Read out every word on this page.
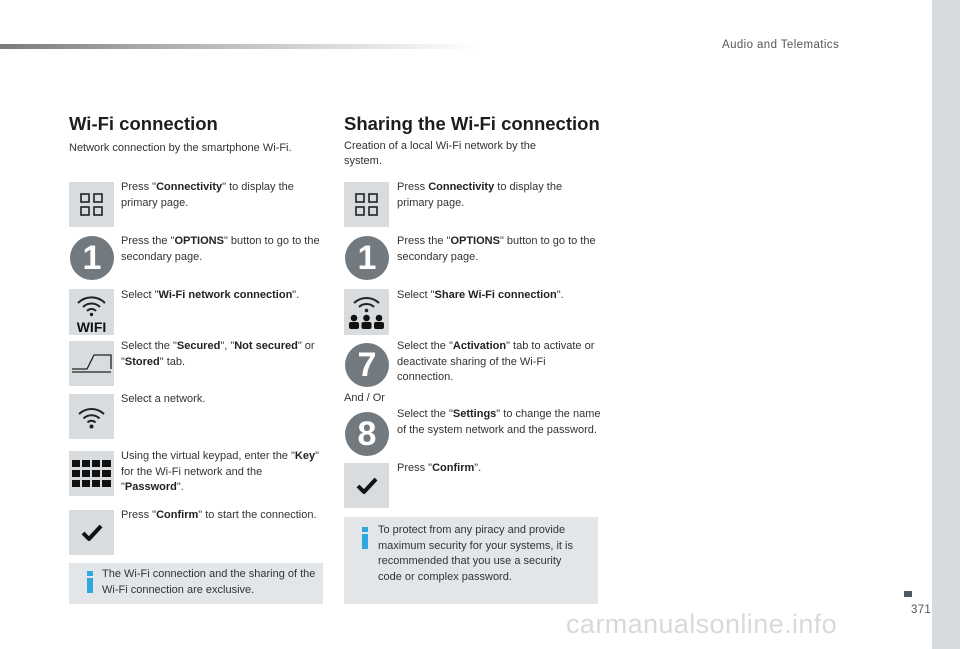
Audio and Telematics
Wi-Fi connection
Network connection by the smartphone Wi-Fi.
Press "Connectivity" to display the primary page.
1	Press the "OPTIONS" button to go to the secondary page.
WIFI
Select "Wi-Fi network connection".
Select the "Secured", "Not secured" or "Stored" tab.
Select a network.
Using the virtual keypad, enter the "Key" for the Wi-Fi network and the "Password".
Press "Confirm" to start the connection.
The Wi-Fi connection and the sharing of the Wi-Fi connection are exclusive.
Sharing the Wi-Fi connection
Creation of a local Wi-Fi network by the system.
Press Connectivity to display the primary page.
1	Press the "OPTIONS" button to go to the secondary page.
Select "Share Wi-Fi connection".
7	Select the "Activation" tab to activate or deactivate sharing of the Wi-Fi connection.
And / Or
8
Select the "Settings" to change the name of the system network and the password.
Press "Confirm".
To protect from any piracy and provide maximum security for your systems, it is recommended that you use a security code or complex password.
371
carmanualsonline.info
